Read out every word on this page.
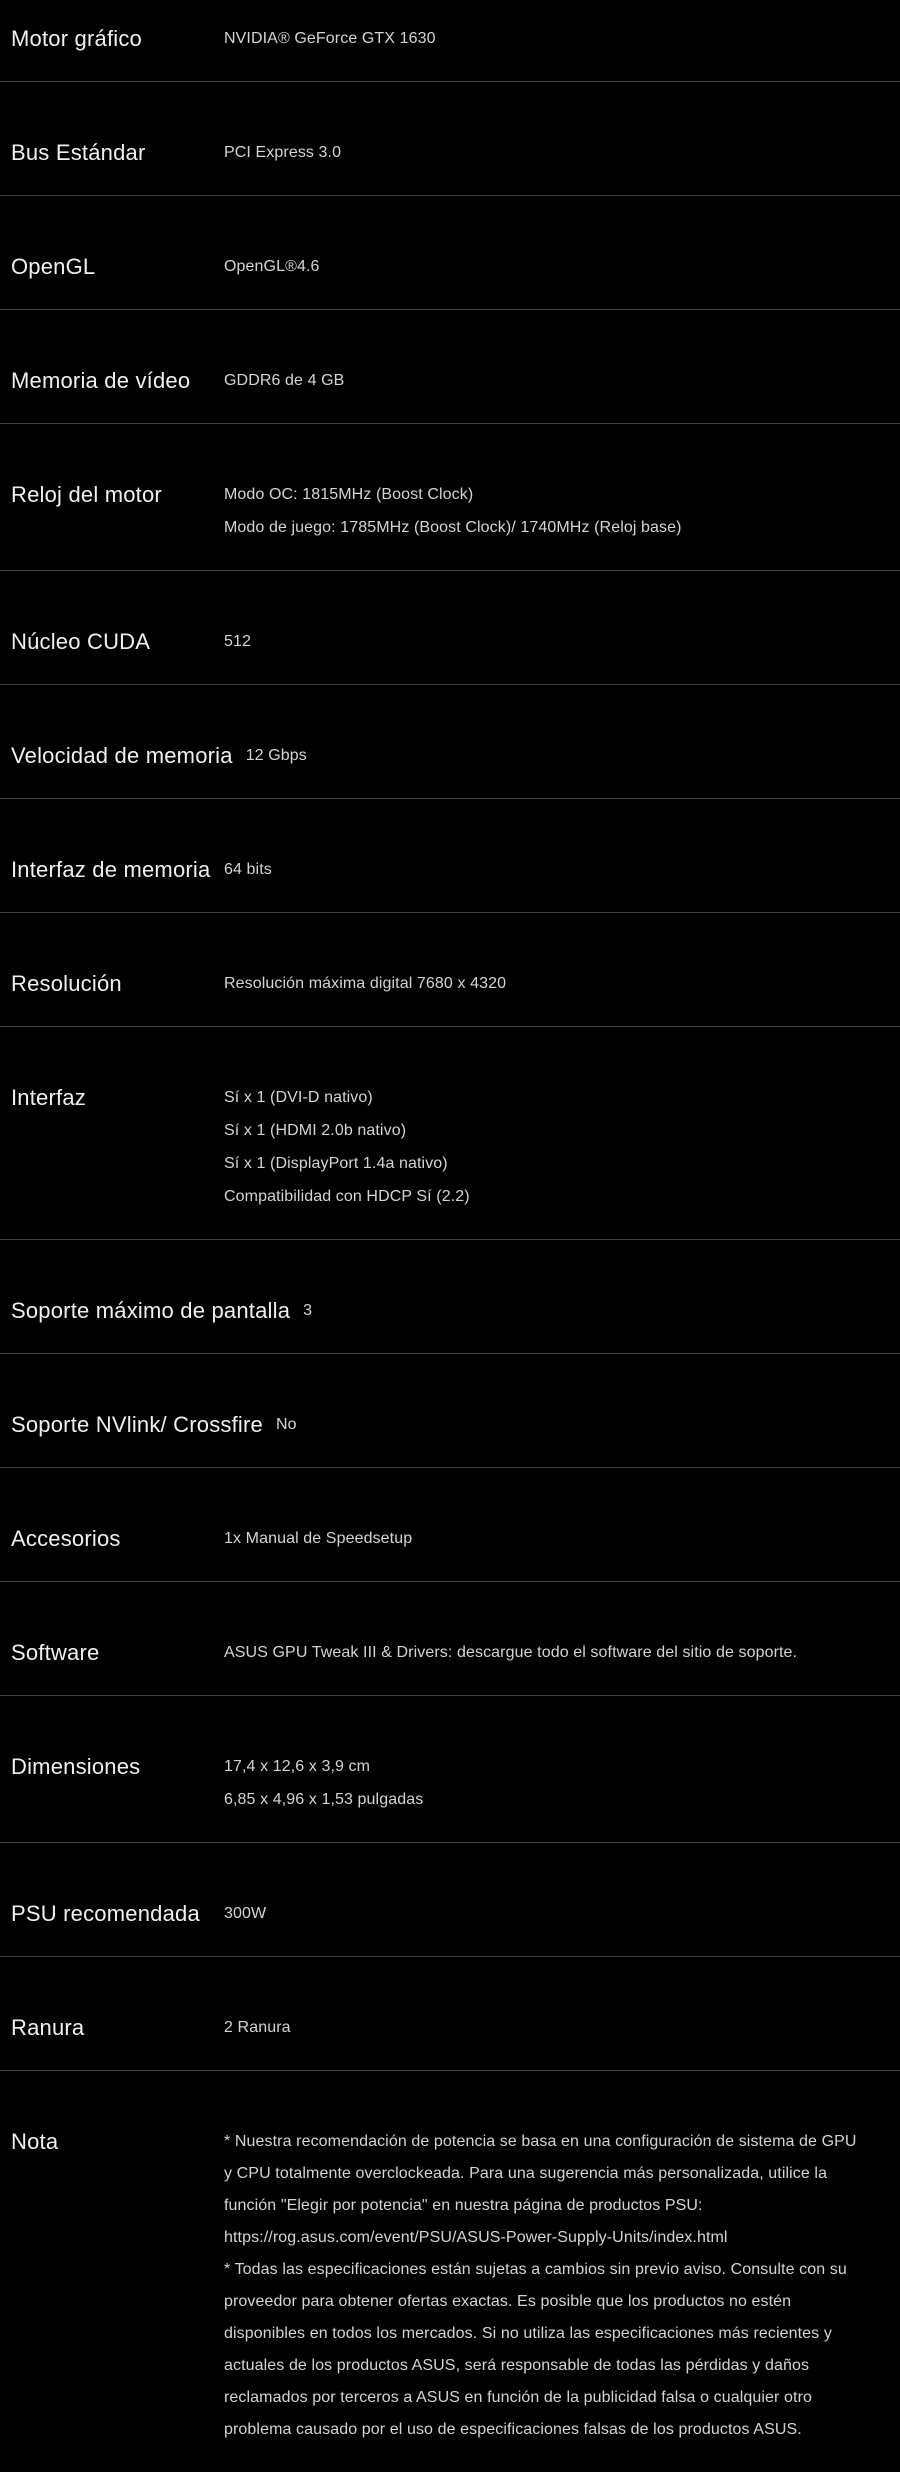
Motor gráfico	NVIDIA® GeForce GTX 1630
Bus Estándar	PCI Express 3.0
OpenGL	OpenGL®4.6
Memoria de vídeo	GDDR6 de 4 GB
Reloj del motor	Modo OC: 1815MHz (Boost Clock)
Modo de juego: 1785MHz (Boost Clock)/ 1740MHz (Reloj base)
Núcleo CUDA	512
Velocidad de memoria 12 Gbps
Interfaz de memoria 64 bits
Resolución	Resolución máxima digital 7680 x 4320
Interfaz	Sí x 1 (DVI-D nativo)
Sí x 1 (HDMI 2.0b nativo)
Sí x 1 (DisplayPort 1.4a nativo)
Compatibilidad con HDCP Sí (2.2)
Soporte máximo de pantalla 3
Soporte NVlink/ Crossfire No
Accesorios	1x Manual de Speedsetup
Software	ASUS GPU Tweak III & Drivers: descargue todo el software del sitio de soporte.
Dimensiones	17,4 x 12,6 x 3,9 cm
6,85 x 4,96 x 1,53 pulgadas
PSU recomendada	300W
Ranura	2 Ranura
Nota	* Nuestra recomendación de potencia se basa en una configuración de sistema de GPU
y CPU totalmente overclockeada. Para una sugerencia más personalizada, utilice la
función "Elegir por potencia" en nuestra página de productos PSU:
https://rog.asus.com/event/PSU/ASUS-Power-Supply-Units/index.html
* Todas las especificaciones están sujetas a cambios sin previo aviso. Consulte con su
proveedor para obtener ofertas exactas. Es posible que los productos no estén
disponibles en todos los mercados. Si no utiliza las especificaciones más recientes y
actuales de los productos ASUS, será responsable de todas las pérdidas y daños
reclamados por terceros a ASUS en función de la publicidad falsa o cualquier otro
problema causado por el uso de especificaciones falsas de los productos ASUS.
